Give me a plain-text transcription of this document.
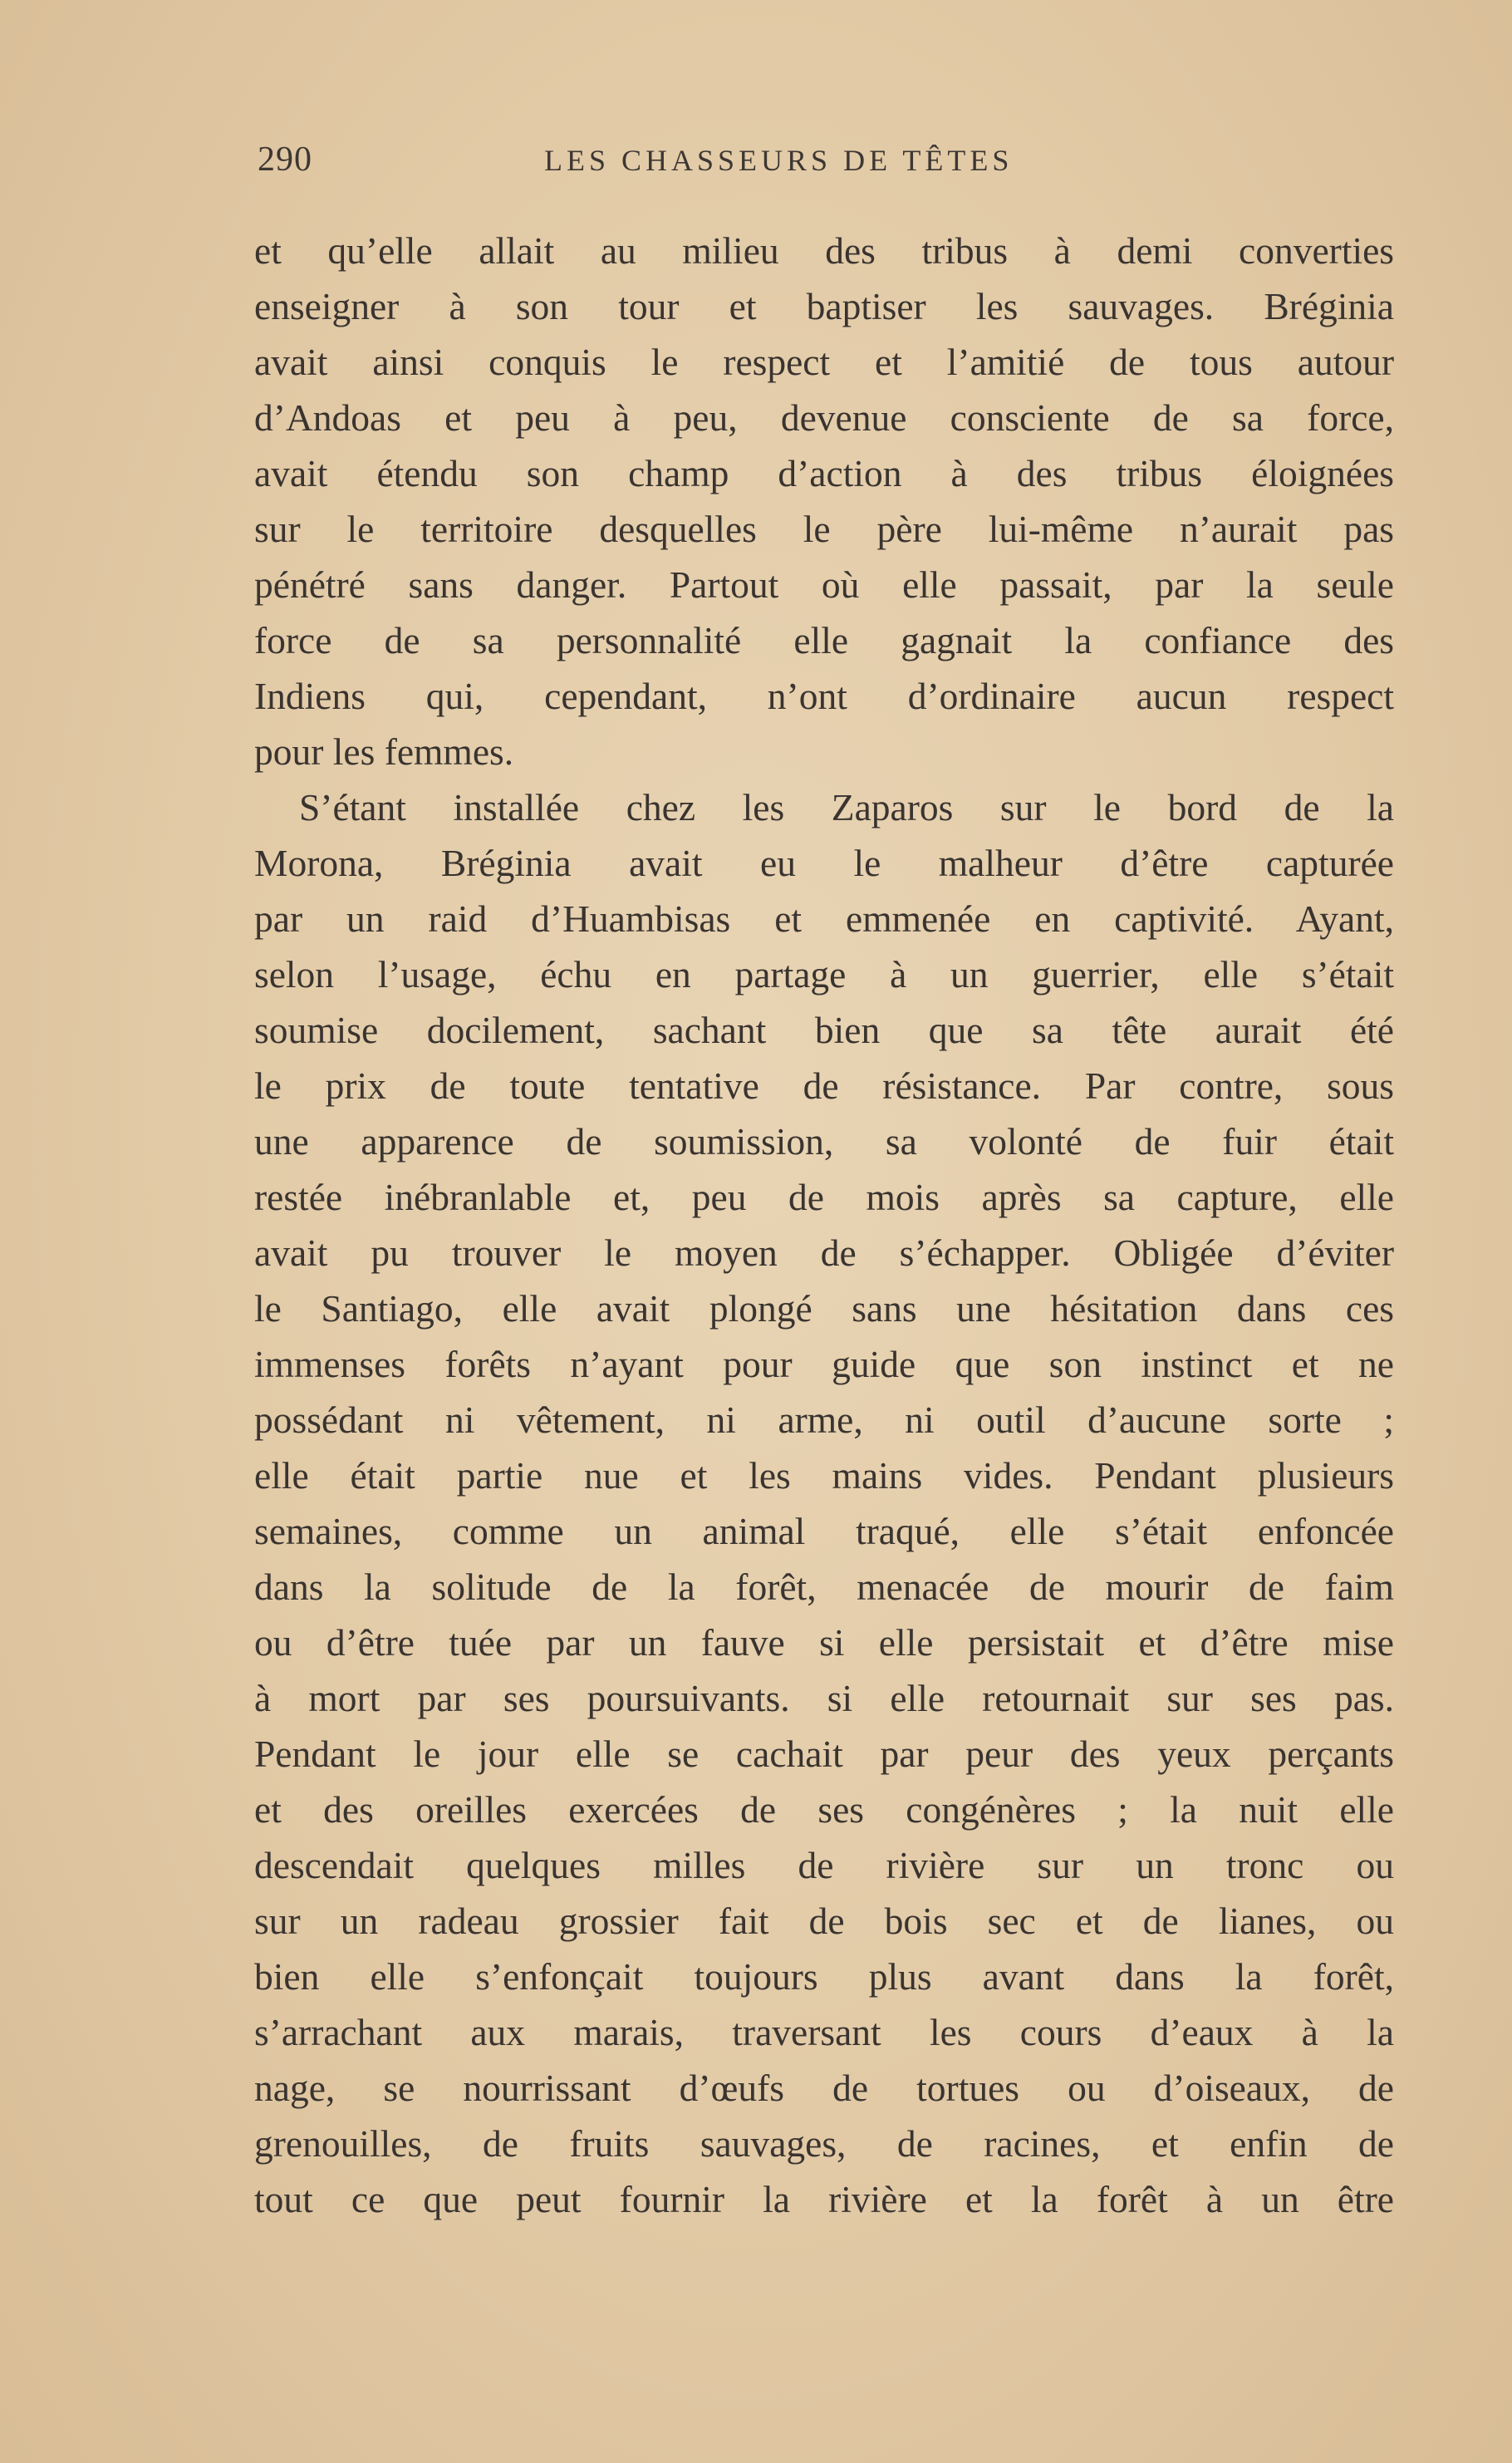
290	LES CHASSEURS DE TÊTES
et qu’elle allait au milieu des tribus à demi converties
enseigner à son tour et baptiser les sauvages. Bréginia
avait ainsi conquis le respect et l’amitié de tous autour
d’Andoas et peu à peu, devenue consciente de sa force,
avait étendu son champ d’action à des tribus éloignées
sur le territoire desquelles le père lui-même n’aurait pas
pénétré sans danger. Partout où elle passait, par la seule
force de sa personnalité elle gagnait la confiance des
Indiens qui, cependant, n’ont d’ordinaire aucun respect
pour les femmes.
S’étant installée chez les Zaparos sur le bord de la
Morona, Bréginia avait eu le malheur d’être capturée
par un raid d’Huambisas et emmenée en captivité. Ayant,
selon l’usage, échu en partage à un guerrier, elle s’était
soumise docilement, sachant bien que sa tête aurait été
le prix de toute tentative de résistance. Par contre, sous
une apparence de soumission, sa volonté de fuir était
restée inébranlable et, peu de mois après sa capture, elle
avait pu trouver le moyen de s’échapper. Obligée d’éviter
le Santiago, elle avait plongé sans une hésitation dans ces
immenses forêts n’ayant pour guide que son instinct et ne
possédant ni vêtement, ni arme, ni outil d’aucune sorte ;
elle était partie nue et les mains vides. Pendant plusieurs
semaines, comme un animal traqué, elle s’était enfoncée
dans la solitude de la forêt, menacée de mourir de faim
ou d’être tuée par un fauve si elle persistait et d’être mise
à mort par ses poursuivants. si elle retournait sur ses pas.
Pendant le jour elle se cachait par peur des yeux perçants
et des oreilles exercées de ses congénères ; la nuit elle
descendait quelques milles de rivière sur un tronc ou
sur un radeau grossier fait de bois sec et de lianes, ou
bien elle s’enfonçait toujours plus avant dans la forêt,
s’arrachant aux marais, traversant les cours d’eaux à la
nage, se nourrissant d’œufs de tortues ou d’oiseaux, de
grenouilles, de fruits sauvages, de racines, et enfin de
tout ce que peut fournir la rivière et la forêt à un être
